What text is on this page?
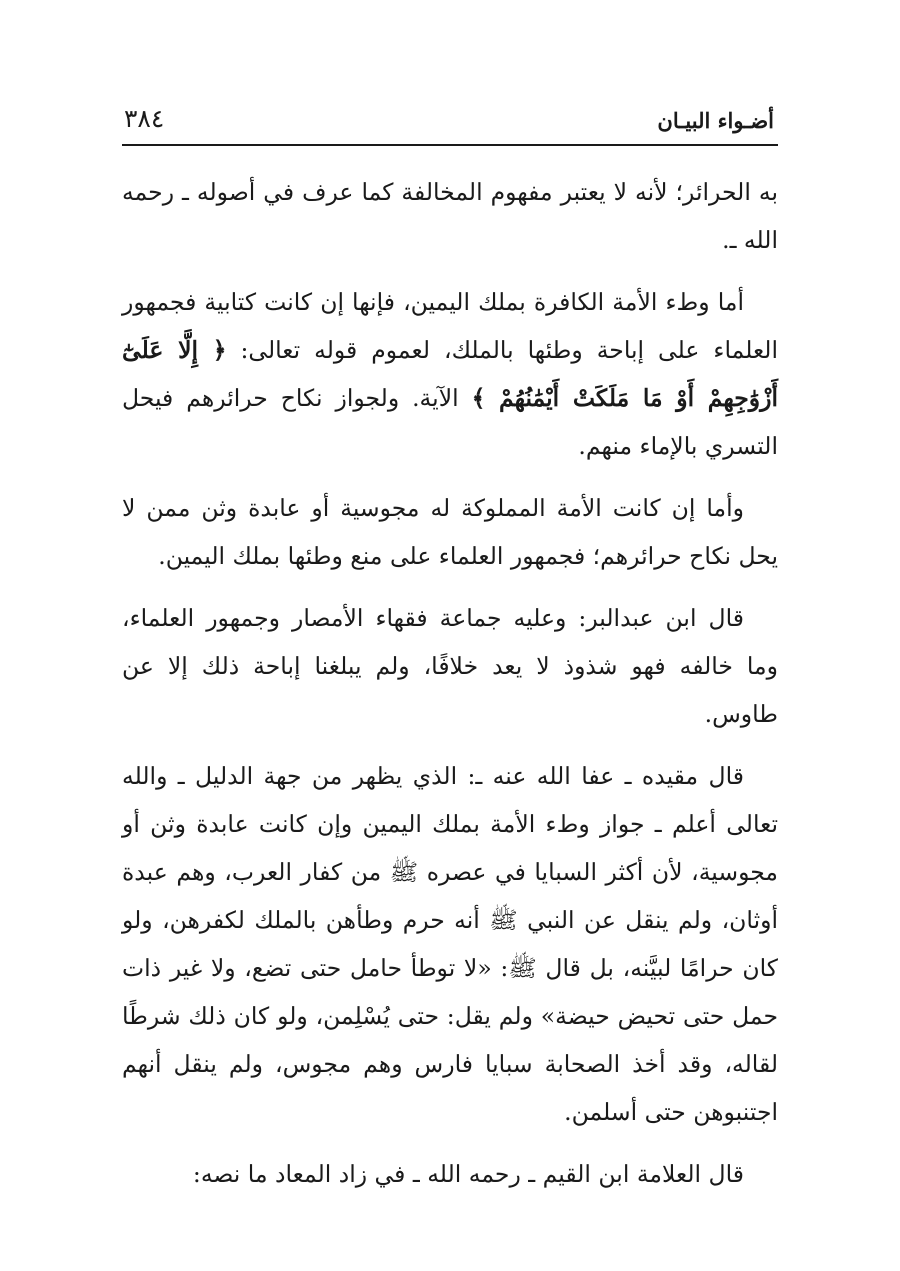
أضـواء البيـان
٣٨٤

به الحرائر؛ لأنه لا يعتبر مفهوم المخالفة كما عرف في أصوله ـ رحمه الله ـ.

أما وطء الأمة الكافرة بملك اليمين، فإنها إن كانت كتابية فجمهور العلماء على إباحة وطئها بالملك، لعموم قوله تعالى: ﴿ إِلَّا عَلَىٰٓ أَزْوَٰجِهِمْ أَوْ مَا مَلَكَتْ أَيْمَٰنُهُمْ ﴾ الآية. ولجواز نكاح حرائرهم فيحل التسري بالإماء منهم.

وأما إن كانت الأمة المملوكة له مجوسية أو عابدة وثن ممن لا يحل نكاح حرائرهم؛ فجمهور العلماء على منع وطئها بملك اليمين.

قال ابن عبدالبر: وعليه جماعة فقهاء الأمصار وجمهور العلماء، وما خالفه فهو شذوذ لا يعد خلافًا، ولم يبلغنا إباحة ذلك إلا عن طاوس.

قال مقيده ـ عفا الله عنه ـ: الذي يظهر من جهة الدليل ـ والله تعالى أعلم ـ جواز وطء الأمة بملك اليمين وإن كانت عابدة وثن أو مجوسية، لأن أكثر السبايا في عصره ﷺ من كفار العرب، وهم عبدة أوثان، ولم ينقل عن النبي ﷺ أنه حرم وطأهن بالملك لكفرهن، ولو كان حرامًا لبيَّنه، بل قال ﷺ: «لا توطأ حامل حتى تضع، ولا غير ذات حمل حتى تحيض حيضة» ولم يقل: حتى يُسْلِمن، ولو كان ذلك شرطًا لقاله، وقد أخذ الصحابة سبايا فارس وهم مجوس، ولم ينقل أنهم اجتنبوهن حتى أسلمن.

قال العلامة ابن القيم ـ رحمه الله ـ في زاد المعاد ما نصه:
